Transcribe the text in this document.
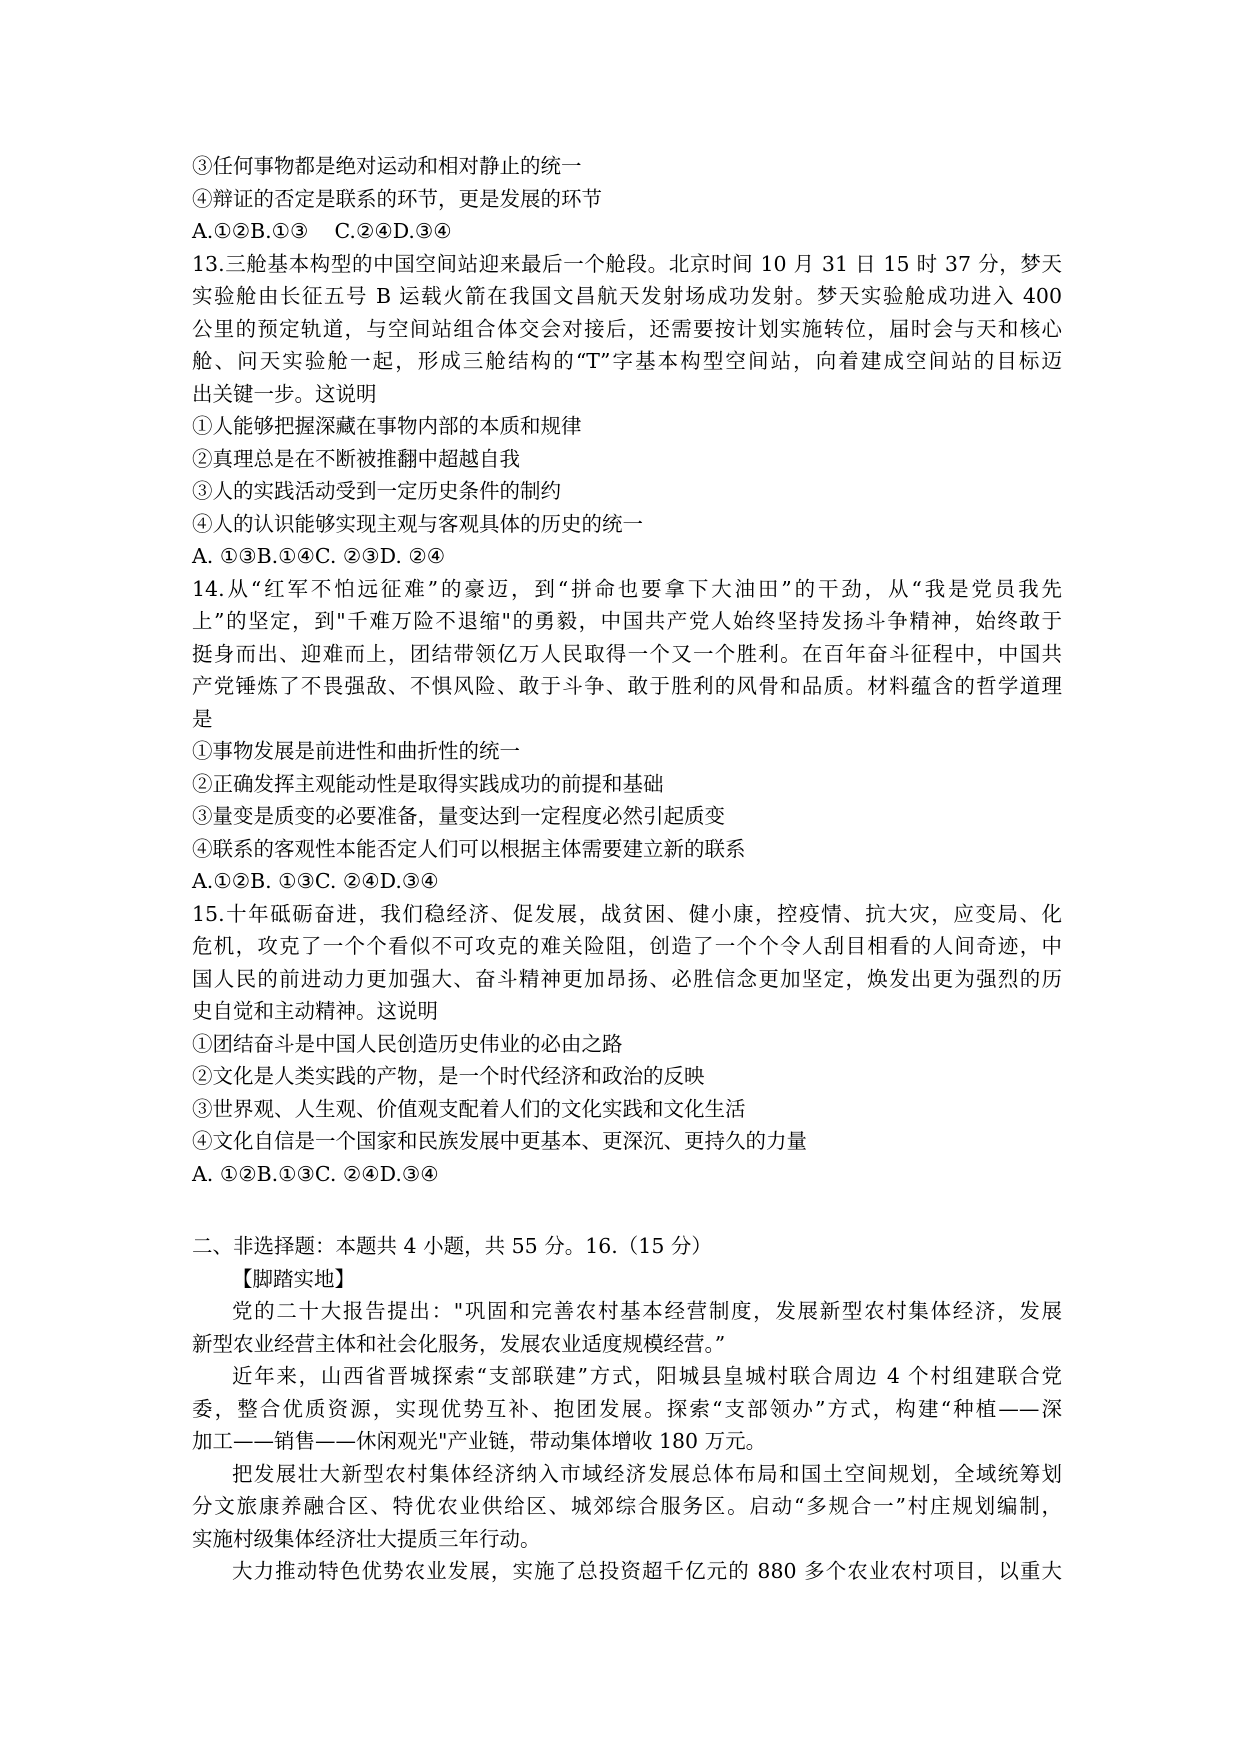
③任何事物都是绝对运动和相对静止的统一
④辩证的否定是联系的环节，更是发展的环节
A.①②B.①③    C.②④D.③④
13.三舱基本构型的中国空间站迎来最后一个舱段。北京时间 10 月 31 日 15 时 37 分，梦天
实验舱由长征五号 B 运载火箭在我国文昌航天发射场成功发射。梦天实验舱成功进入 400
公里的预定轨道，与空间站组合体交会对接后，还需要按计划实施转位，届时会与天和核心
舱、问天实验舱一起，形成三舱结构的“T”字基本构型空间站，向着建成空间站的目标迈
出关键一步。这说明
①人能够把握深藏在事物内部的本质和规律
②真理总是在不断被推翻中超越自我
③人的实践活动受到一定历史条件的制约
④人的认识能够实现主观与客观具体的历史的统一
A. ①③B.①④C. ②③D. ②④
14.从“红军不怕远征难”的豪迈，到“拼命也要拿下大油田”的干劲，从“我是党员我先
上”的坚定，到"千难万险不退缩"的勇毅，中国共产党人始终坚持发扬斗争精神，始终敢于
挺身而出、迎难而上，团结带领亿万人民取得一个又一个胜利。在百年奋斗征程中，中国共
产党锤炼了不畏强敌、不惧风险、敢于斗争、敢于胜利的风骨和品质。材料蕴含的哲学道理
是
①事物发展是前进性和曲折性的统一
②正确发挥主观能动性是取得实践成功的前提和基础
③量变是质变的必要准备，量变达到一定程度必然引起质变
④联系的客观性本能否定人们可以根据主体需要建立新的联系
A.①②B. ①③C. ②④D.③④
15.十年砥砺奋进，我们稳经济、促发展，战贫困、健小康，控疫情、抗大灾，应变局、化
危机，攻克了一个个看似不可攻克的难关险阻，创造了一个个令人刮目相看的人间奇迹，中
国人民的前进动力更加强大、奋斗精神更加昂扬、必胜信念更加坚定，焕发出更为强烈的历
史自觉和主动精神。这说明
①团结奋斗是中国人民创造历史伟业的必由之路
②文化是人类实践的产物，是一个时代经济和政治的反映
③世界观、人生观、价值观支配着人们的文化实践和文化生活
④文化自信是一个国家和民族发展中更基本、更深沉、更持久的力量
A. ①②B.①③C. ②④D.③④
二、非选择题：本题共 4 小题，共 55 分。16.（15 分）
【脚踏实地】
党的二十大报告提出："巩固和完善农村基本经营制度，发展新型农村集体经济，发展
新型农业经营主体和社会化服务，发展农业适度规模经营。”
近年来，山西省晋城探索“支部联建”方式，阳城县皇城村联合周边 4 个村组建联合党
委，整合优质资源，实现优势互补、抱团发展。探索“支部领办”方式，构建“种植——深
加工——销售——休闲观光"产业链，带动集体增收 180 万元。
把发展壮大新型农村集体经济纳入市域经济发展总体布局和国土空间规划，全域统筹划
分文旅康养融合区、特优农业供给区、城郊综合服务区。启动“多规合一”村庄规划编制，
实施村级集体经济壮大提质三年行动。
大力推动特色优势农业发展，实施了总投资超千亿元的 880 多个农业农村项目，以重大
